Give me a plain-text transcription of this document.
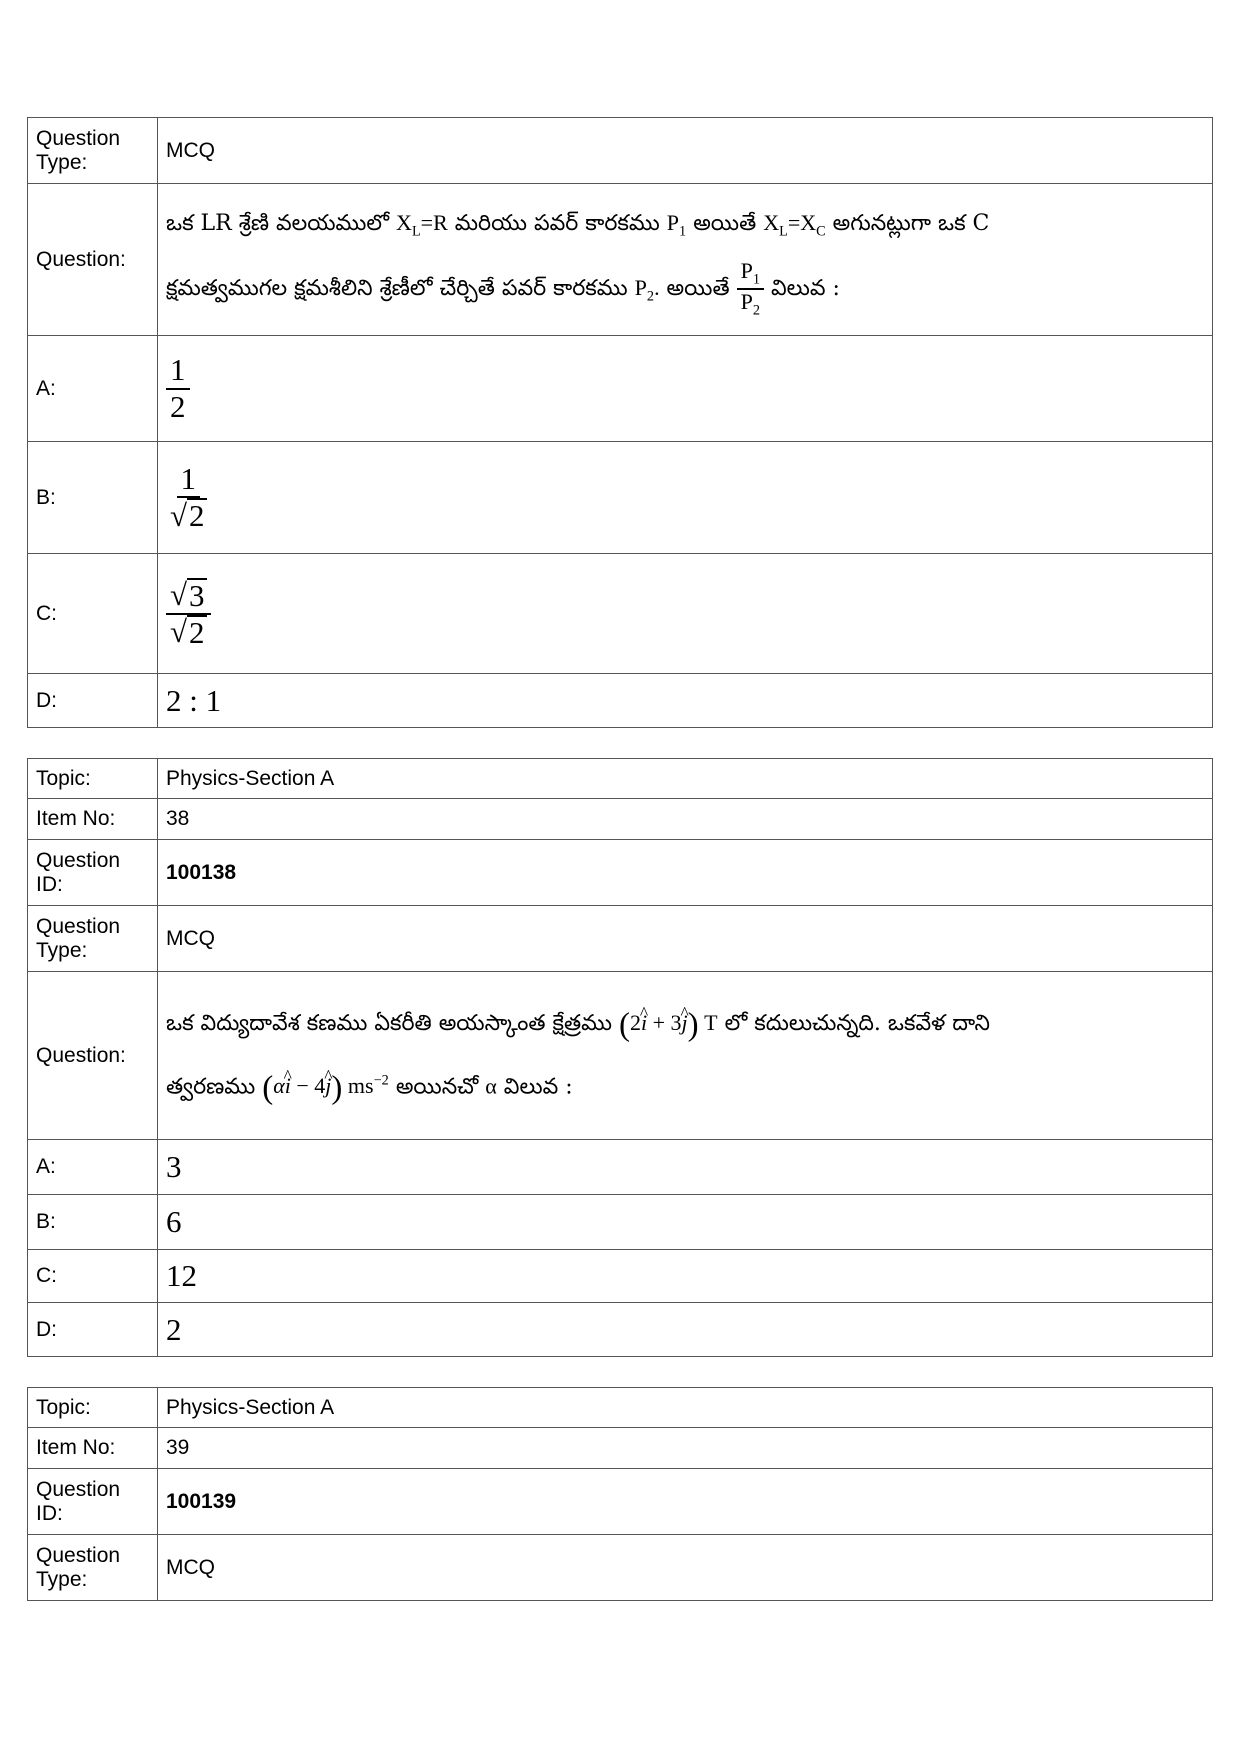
Question Type:	MCQ
Question:	ఒక LR శ్రేణి వలయములో $X_L=R$ మరియు పవర్ కారకము $P_1$ అయితే $X_L=X_C$ అగునట్లుగా ఒక C
క్షమత్వముగల క్షమశీలిని శ్రేణీలో చేర్చితే పవర్ కారకము $P_2$. అయితే $\frac{P_1}{P_2}$ విలువ :

A:	$\frac{1}{2}$

B:	$\frac{1}{√ 2}$

C:	$\frac{√ 3}{√ 2}$

D:	2 : 1
Topic:	Physics-Section A
Item No:	38
Question ID:	100138
Question Type:	MCQ
Question:	ఒక విద్యుదావేశ కణము ఏకరీతి అయస్కాంత క్షేత్రము (2^ i + 3^ j) T లో కదులుచున్నది. ఒకవేళ దాని
త్వరణము (α^ i − 4^ j) $ms^{-2}$ అయినచో α విలువ :

A:	3
B:	6
C:	12
D:	2
Topic:	Physics-Section A
Item No:	39
Question ID:	100139
Question Type:	MCQ
